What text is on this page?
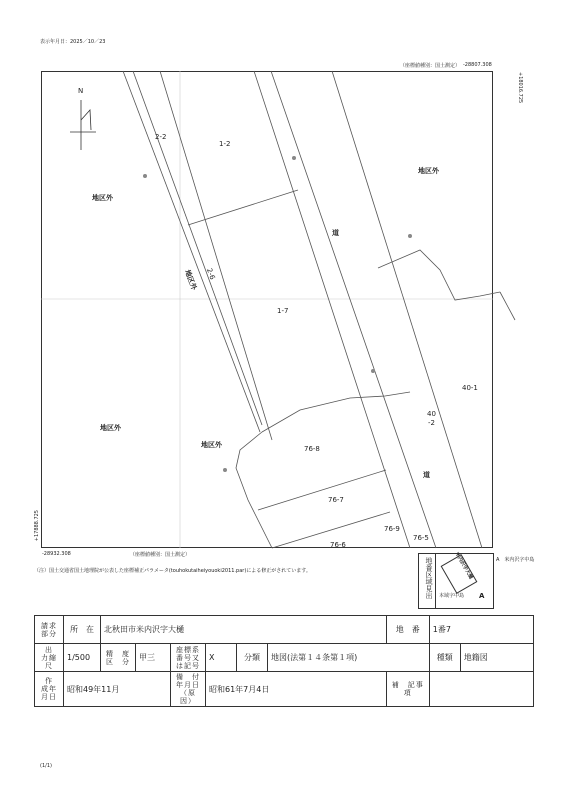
表示年月日：2025／10／23
（座標値種別：国土測定） -28807.308
+18016.725
-28932.308	（座標値種別：国土測定）
+17888.725
N
2-2
1-2
2-6
1-7
40-1
40
-2
76-8
76-7
76-9
76-6
76-5
道
道
地区外
地区外
地区外
地区外
地区外
（注）国土交通省国土地理院が公表した座標補正パラメータ(touhokutaiheiyouoki2011.par)による修正がされています。	地番区域見出	米内沢字大樋
本域字中島 A
A　米内沢字中島
請求部分	所　在	北秋田市米内沢字大樋						地　番	1番7	
出　力縮　尺	1/500	精　度区　分	甲三	座標系番号又は記号	X	分類	地図(法第１４条第１項)		種類	地籍図
作　成年月日	昭和49年11月			備　付年月日（原因）	昭和61年7月4日			補　記事　項		
(1/1)
